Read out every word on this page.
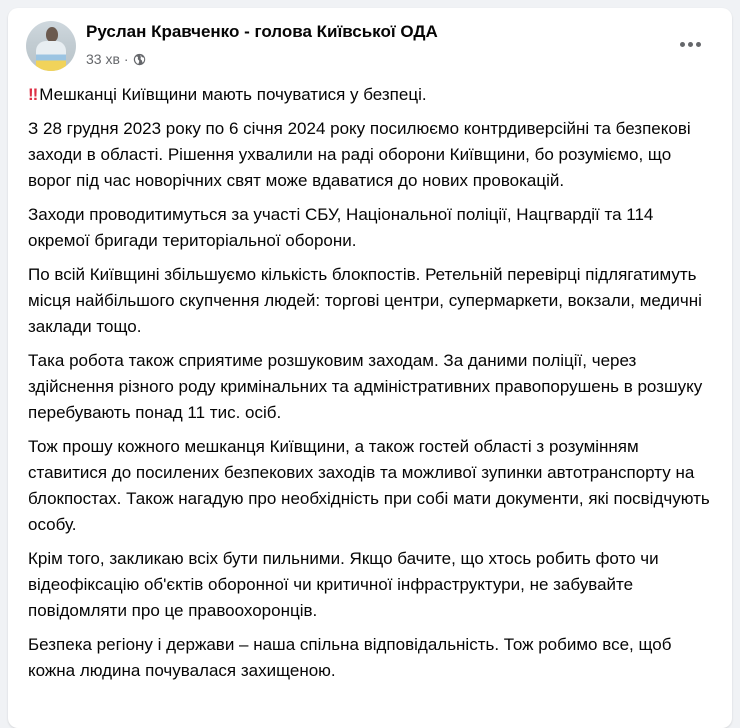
Руслан Кравченко - голова Київської ОДА
33 хв ·

‼ Мешканці Київщини мають почуватися у безпеці.

З 28 грудня 2023 року по 6 січня 2024 року посилюємо контрдиверсійні та безпекові заходи в області. Рішення ухвалили на раді оборони Київщини, бо розуміємо, що ворог під час новорічних свят може вдаватися до нових провокацій.

Заходи проводитимуться за участі СБУ, Національної поліції, Нацгвардії та 114 окремої бригади територіальної оборони.

По всій Київщині збільшуємо кількість блокпостів. Ретельній перевірці підлягатимуть місця найбільшого скупчення людей: торгові центри, супермаркети, вокзали, медичні заклади тощо.

Така робота також сприятиме розшуковим заходам. За даними поліції, через здійснення різного роду кримінальних та адміністративних правопорушень в розшуку перебувають понад 11 тис. осіб.

Тож прошу кожного мешканця Київщини, а також гостей області з розумінням ставитися до посилених безпекових заходів та можливої зупинки автотранспорту на блокпостах. Також нагадую про необхідність при собі мати документи, які посвідчують особу.

Крім того, закликаю всіх бути пильними. Якщо бачите, що хтось робить фото чи відеофіксацію об'єктів оборонної чи критичної інфраструктури, не забувайте повідомляти про це правоохоронців.

Безпека регіону і держави – наша спільна відповідальність. Тож робимо все, щоб кожна людина почувалася захищеною.
